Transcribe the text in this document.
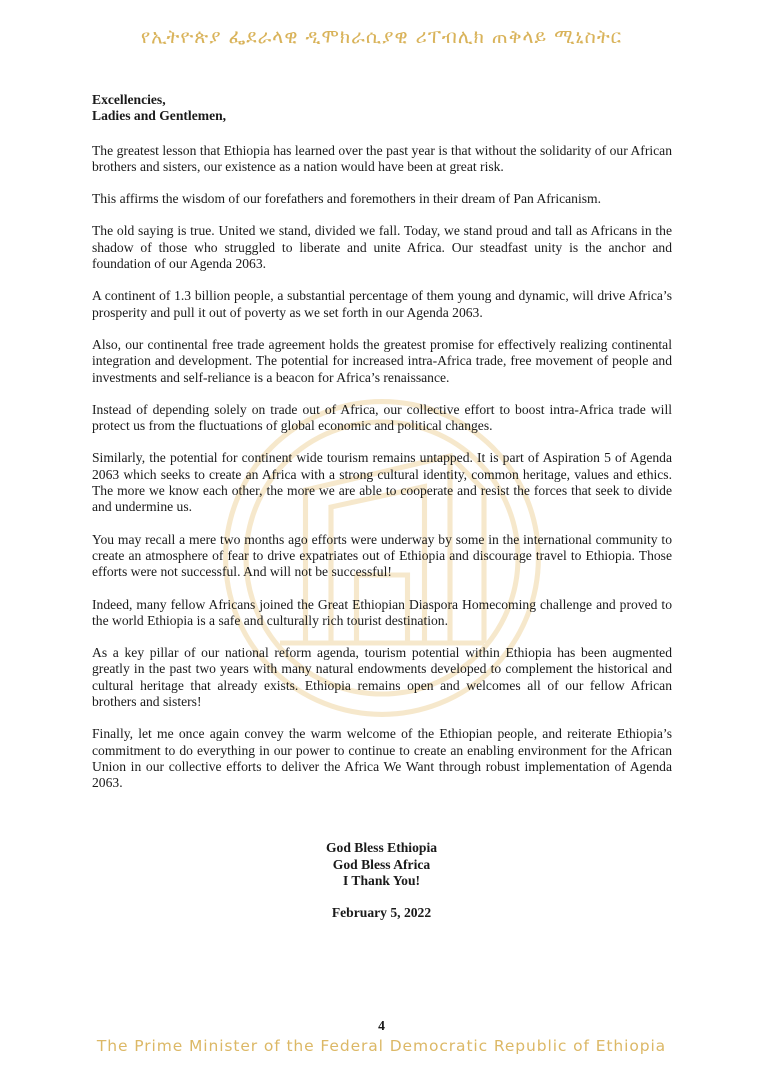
የኢትዮጵያ ፌደራላዊ ዲሞክራሲያዊ ሪፐብሊክ ጠቅላይ ሚኒስትር
Excellencies,
Ladies and Gentlemen,

The greatest lesson that Ethiopia has learned over the past year is that without the solidarity of our African brothers and sisters, our existence as a nation would have been at great risk.

This affirms the wisdom of our forefathers and foremothers in their dream of Pan Africanism.

The old saying is true. United we stand, divided we fall. Today, we stand proud and tall as Africans in the shadow of those who struggled to liberate and unite Africa. Our steadfast unity is the anchor and foundation of our Agenda 2063.

A continent of 1.3 billion people, a substantial percentage of them young and dynamic, will drive Africa’s prosperity and pull it out of poverty as we set forth in our Agenda 2063.

Also, our continental free trade agreement holds the greatest promise for effectively realizing continental integration and development. The potential for increased intra-Africa trade, free movement of people and investments and self-reliance is a beacon for Africa’s renaissance.

Instead of depending solely on trade out of Africa, our collective effort to boost intra-Africa trade will protect us from the fluctuations of global economic and political changes.

Similarly, the potential for continent wide tourism remains untapped. It is part of Aspiration 5 of Agenda 2063 which seeks to create an Africa with a strong cultural identity, common heritage, values and ethics. The more we know each other, the more we are able to cooperate and resist the forces that seek to divide and undermine us.

You may recall a mere two months ago efforts were underway by some in the international community to create an atmosphere of fear to drive expatriates out of Ethiopia and discourage travel to Ethiopia. Those efforts were not successful. And will not be successful!

Indeed, many fellow Africans joined the Great Ethiopian Diaspora Homecoming challenge and proved to the world Ethiopia is a safe and culturally rich tourist destination.

As a key pillar of our national reform agenda, tourism potential within Ethiopia has been augmented greatly in the past two years with many natural endowments developed to complement the historical and cultural heritage that already exists. Ethiopia remains open and welcomes all of our fellow African brothers and sisters!

Finally, let me once again convey the warm welcome of the Ethiopian people, and reiterate Ethiopia’s commitment to do everything in our power to continue to create an enabling environment for the African Union in our collective efforts to deliver the Africa We Want through robust implementation of Agenda 2063.

God Bless Ethiopia
God Bless Africa
I Thank You!
February 5, 2022
4
The Prime Minister of the Federal Democratic Republic of Ethiopia
